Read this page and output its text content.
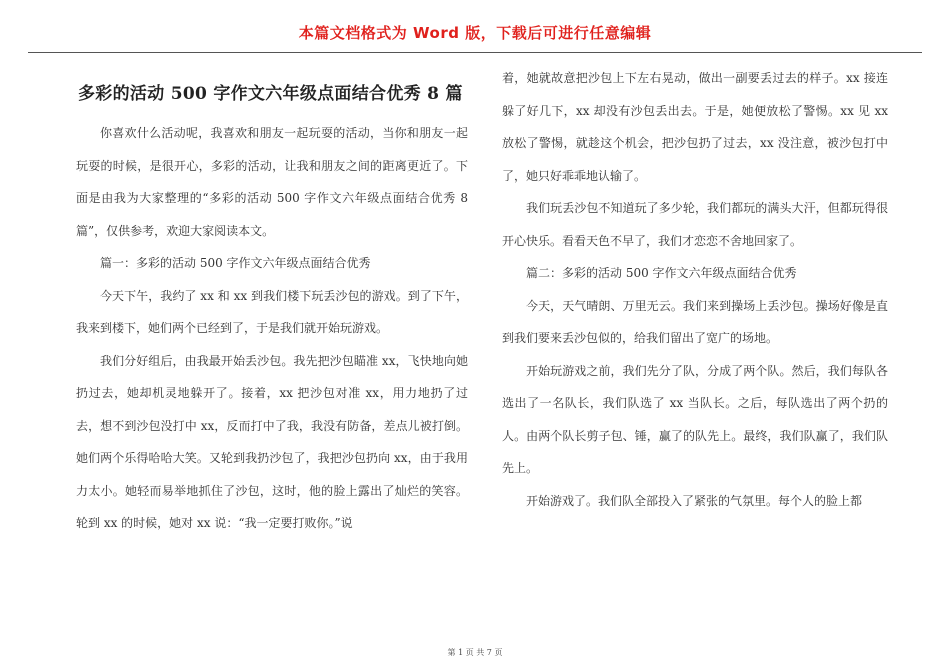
本篇文档格式为 Word 版，下载后可进行任意编辑
多彩的活动 500 字作文六年级点面结合优秀 8 篇

你喜欢什么活动呢，我喜欢和朋友一起玩耍的活动，当你和朋友一起玩耍的时候，是很开心，多彩的活动，让我和朋友之间的距离更近了。下面是由我为大家整理的“多彩的活动 500 字作文六年级点面结合优秀 8 篇”，仅供参考，欢迎大家阅读本文。

篇一：多彩的活动 500 字作文六年级点面结合优秀

今天下午，我约了 xx 和 xx 到我们楼下玩丢沙包的游戏。到了下午，我来到楼下，她们两个已经到了，于是我们就开始玩游戏。

我们分好组后，由我最开始丢沙包。我先把沙包瞄准 xx，飞快地向她扔过去，她却机灵地躲开了。接着，xx 把沙包对准 xx，用力地扔了过去，想不到沙包没打中 xx，反而打中了我，我没有防备，差点儿被打倒。她们两个乐得哈哈大笑。又轮到我扔沙包了，我把沙包扔向 xx，由于我用力太小。她轻而易举地抓住了沙包，这时，他的脸上露出了灿烂的笑容。轮到 xx 的时候，她对 xx 说：“我一定要打败你。”说

着，她就故意把沙包上下左右晃动，做出一副要丢过去的样子。xx 接连躲了好几下，xx 却没有沙包丢出去。于是，她便放松了警惕。xx 见 xx 放松了警惕，就趁这个机会，把沙包扔了过去，xx 没注意，被沙包打中了，她只好乖乖地认输了。

我们玩丢沙包不知道玩了多少轮，我们都玩的满头大汗，但都玩得很开心快乐。看看天色不早了，我们才恋恋不舍地回家了。

篇二：多彩的活动 500 字作文六年级点面结合优秀

今天，天气晴朗、万里无云。我们来到操场上丢沙包。操场好像是直到我们要来丢沙包似的，给我们留出了宽广的场地。

开始玩游戏之前，我们先分了队，分成了两个队。然后，我们每队各选出了一名队长，我们队选了 xx 当队长。之后，每队选出了两个扔的人。由两个队长剪子包、锤，赢了的队先上。最终，我们队赢了，我们队先上。

开始游戏了。我们队全部投入了紧张的气氛里。每个人的脸上都

第 1 页 共 7 页
